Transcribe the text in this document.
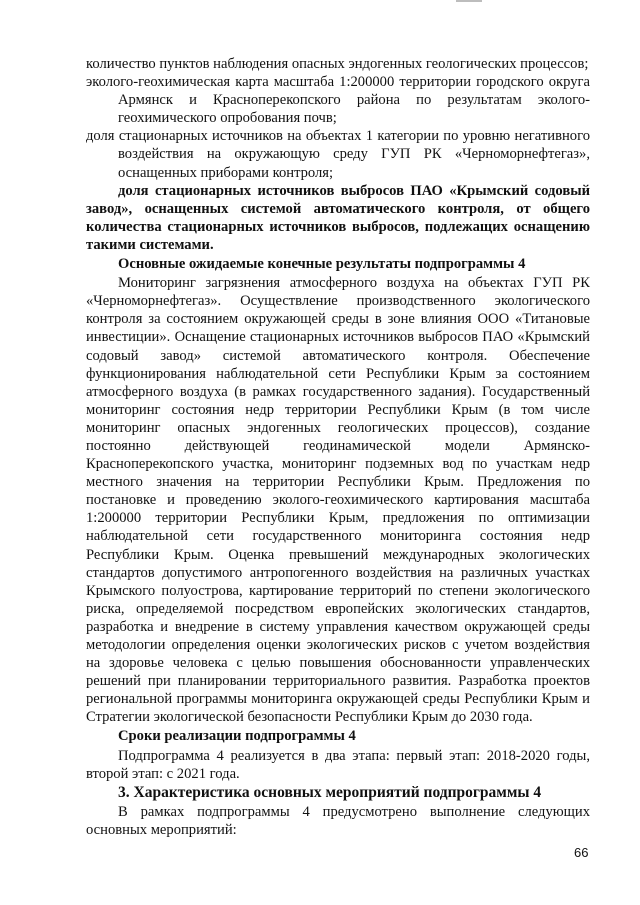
количество пунктов наблюдения опасных эндогенных геологических процессов;

эколого-геохимическая карта масштаба 1:200000 территории городского округа Армянск и Красноперекопского района по результатам эколого-геохимического опробования почв;

доля стационарных источников на объектах 1 категории по уровню негативного воздействия на окружающую среду ГУП РК «Черноморнефтегаз», оснащенных приборами контроля;

доля стационарных источников выбросов ПАО «Крымский содовый завод», оснащенных системой автоматического контроля, от общего количества стационарных источников выбросов, подлежащих оснащению такими системами.

Основные ожидаемые конечные результаты подпрограммы 4

Мониторинг загрязнения атмосферного воздуха на объектах ГУП РК «Черноморнефтегаз». Осуществление производственного экологического контроля за состоянием окружающей среды в зоне влияния ООО «Титановые инвестиции». Оснащение стационарных источников выбросов ПАО «Крымский содовый завод» системой автоматического контроля. Обеспечение функционирования наблюдательной сети Республики Крым за состоянием атмосферного воздуха (в рамках государственного задания). Государственный мониторинг состояния недр территории Республики Крым (в том числе мониторинг опасных эндогенных геологических процессов), создание постоянно действующей геодинамической модели Армянско-Красноперекопского участка, мониторинг подземных вод по участкам недр местного значения на территории Республики Крым. Предложения по постановке и проведению эколого-геохимического картирования масштаба 1:200000 территории Республики Крым, предложения по оптимизации наблюдательной сети государственного мониторинга состояния недр Республики Крым. Оценка превышений международных экологических стандартов допустимого антропогенного воздействия на различных участках Крымского полуострова, картирование территорий по степени экологического риска, определяемой посредством европейских экологических стандартов, разработка и внедрение в систему управления качеством окружающей среды методологии определения оценки экологических рисков с учетом воздействия на здоровье человека с целью повышения обоснованности управленческих решений при планировании территориального развития. Разработка проектов региональной программы мониторинга окружающей среды Республики Крым и Стратегии экологической безопасности Республики Крым до 2030 года.

Сроки реализации подпрограммы 4

Подпрограмма 4 реализуется в два этапа: первый этап: 2018-2020 годы, второй этап: с 2021 года.

3. Характеристика основных мероприятий подпрограммы 4

В рамках подпрограммы 4 предусмотрено выполнение следующих основных мероприятий:

66
